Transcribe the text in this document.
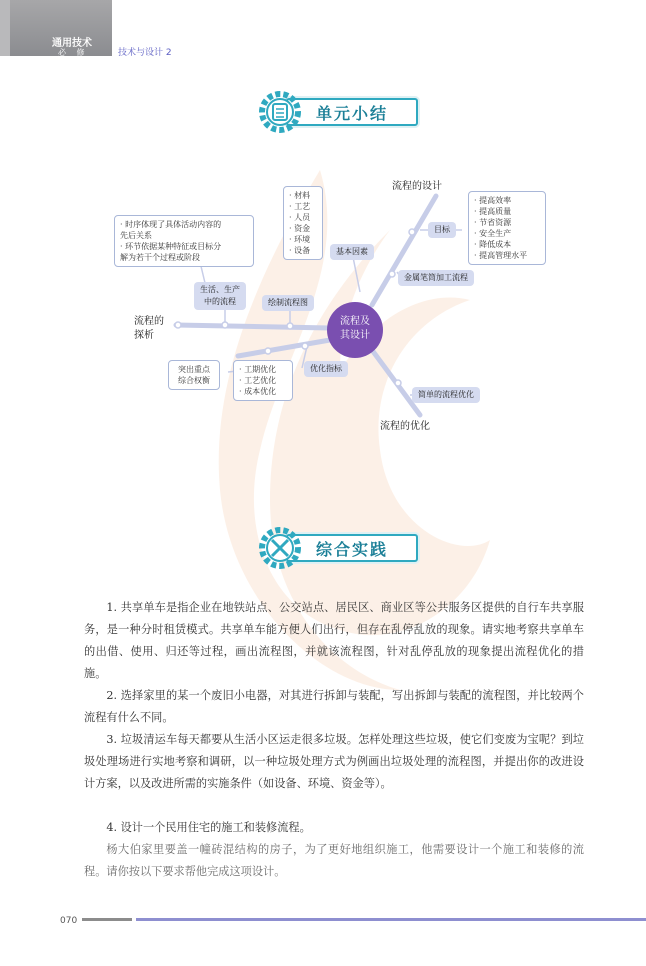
通用技术
必 修	技术与设计 2
单元小结
流程及
其设计
流程的设计
流程的
探析
流程的优化
· 材料
· 工艺
· 人员
· 资金
· 环境
· 设备	基本因素
目标
· 提高效率
· 提高质量
· 节省资源
· 安全生产
· 降低成本
· 提高管理水平
金属笔筒加工流程
· 时序体现了具体活动内容的
先后关系
· 环节依据某种特征或目标分
解为若干个过程或阶段
生活、生产
中的流程	绘制流程图
优化指标
· 工期优化
· 工艺优化
· 成本优化
突出重点
综合权衡
简单的流程优化
综合实践
1. 共享单车是指企业在地铁站点、公交站点、居民区、商业区等公共服务区提供的自行车共享服务，是一种分时租赁模式。共享单车能方便人们出行，但存在乱停乱放的现象。请实地考察共享单车的出借、使用、归还等过程，画出流程图，并就该流程图，针对乱停乱放的现象提出流程优化的措施。
2. 选择家里的某一个废旧小电器，对其进行拆卸与装配，写出拆卸与装配的流程图，并比较两个流程有什么不同。
3. 垃圾清运车每天都要从生活小区运走很多垃圾。怎样处理这些垃圾，使它们变废为宝呢？到垃圾处理场进行实地考察和调研，以一种垃圾处理方式为例画出垃圾处理的流程图，并提出你的改进设计方案，以及改进所需的实施条件（如设备、环境、资金等）。
4. 设计一个民用住宅的施工和装修流程。
杨大伯家里要盖一幢砖混结构的房子，为了更好地组织施工，他需要设计一个施工和装修的流程。请你按以下要求帮他完成这项设计。
070
